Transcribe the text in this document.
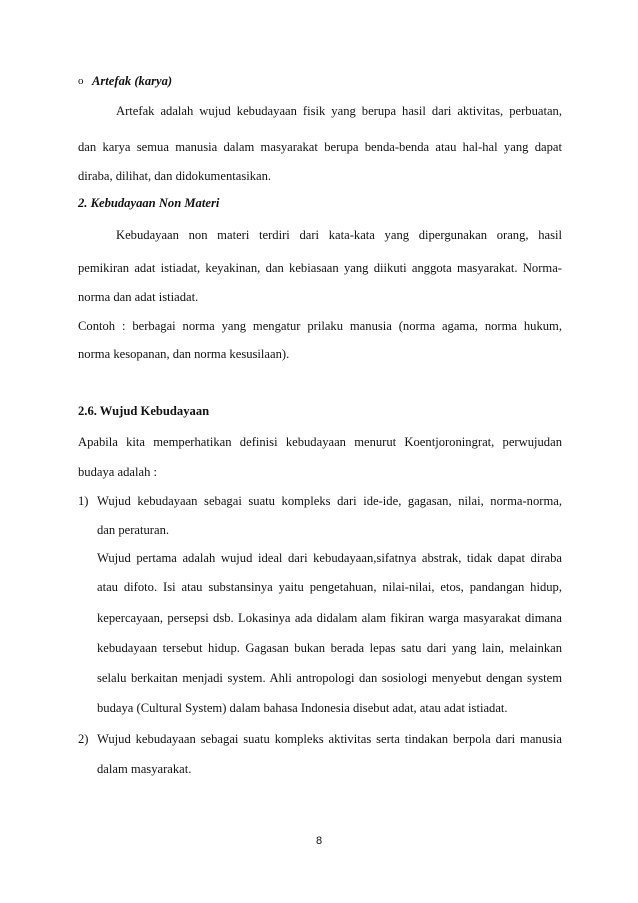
o Artefak (karya)
Artefak adalah wujud kebudayaan fisik yang berupa hasil dari aktivitas, perbuatan,
dan karya semua manusia dalam masyarakat berupa benda-benda atau hal-hal yang dapat
diraba, dilihat, dan didokumentasikan.
2. Kebudayaan Non Materi
Kebudayaan non materi terdiri dari kata-kata yang dipergunakan orang, hasil
pemikiran adat istiadat, keyakinan, dan kebiasaan yang diikuti anggota masyarakat. Norma-
norma dan adat istiadat.
Contoh : berbagai norma yang mengatur prilaku manusia (norma agama, norma hukum,
norma kesopanan, dan norma kesusilaan).
2.6. Wujud Kebudayaan
Apabila kita memperhatikan definisi kebudayaan menurut Koentjoroningrat, perwujudan
budaya adalah :
1) Wujud kebudayaan sebagai suatu kompleks dari ide-ide, gagasan, nilai, norma-norma,
dan peraturan.
Wujud pertama adalah wujud ideal dari kebudayaan,sifatnya abstrak, tidak dapat diraba
atau difoto. Isi atau substansinya yaitu pengetahuan, nilai-nilai, etos, pandangan hidup,
kepercayaan, persepsi dsb. Lokasinya ada didalam alam fikiran warga masyarakat dimana
kebudayaan tersebut hidup. Gagasan bukan berada lepas satu dari yang lain, melainkan
selalu berkaitan menjadi system. Ahli antropologi dan sosiologi menyebut dengan system
budaya (Cultural System) dalam bahasa Indonesia disebut adat, atau adat istiadat.
2) Wujud kebudayaan sebagai suatu kompleks aktivitas serta tindakan berpola dari manusia
dalam masyarakat.
8
